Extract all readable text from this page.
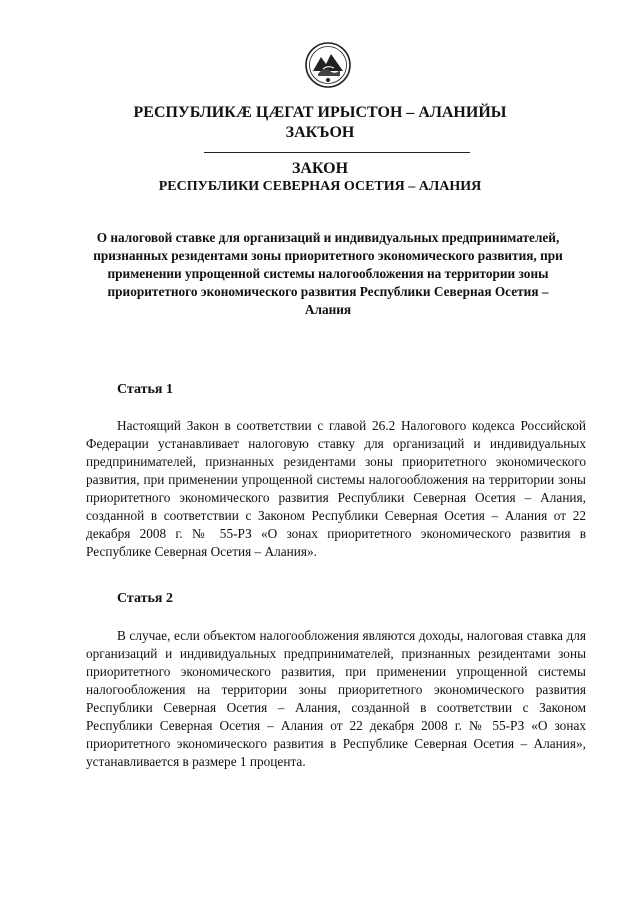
РЕСПУБЛИКӔ ЦӔГАТ ИРЫСТОН – АЛАНИЙЫ
ЗАКЪОН
ЗАКОН
РЕСПУБЛИКИ СЕВЕРНАЯ ОСЕТИЯ – АЛАНИЯ
О налоговой ставке для организаций и индивидуальных предпринимателей, признанных резидентами зоны приоритетного экономического развития, при применении упрощенной системы налогообложения на территории зоны приоритетного экономического развития Республики Северная Осетия – Алания
Статья 1
Настоящий Закон в соответствии с главой 26.2 Налогового кодекса Российской Федерации устанавливает налоговую ставку для организаций и индивидуальных предпринимателей, признанных резидентами зоны приоритетного экономического развития, при применении упрощенной системы налогообложения на территории зоны приоритетного экономического развития Республики Северная Осетия – Алания, созданной в соответствии с Законом Республики Северная Осетия – Алания от 22 декабря 2008 г. № 55-РЗ «О зонах приоритетного экономического развития в Республике Северная Осетия – Алания».
Статья 2
В случае, если объектом налогообложения являются доходы, налоговая ставка для организаций и индивидуальных предпринимателей, признанных резидентами зоны приоритетного экономического развития, при применении упрощенной системы налогообложения на территории зоны приоритетного экономического развития Республики Северная Осетия – Алания, созданной в соответствии с Законом Республики Северная Осетия – Алания от 22 декабря 2008 г. № 55-РЗ «О зонах приоритетного экономического развития в Республике Северная Осетия – Алания», устанавливается в размере 1 процента.
